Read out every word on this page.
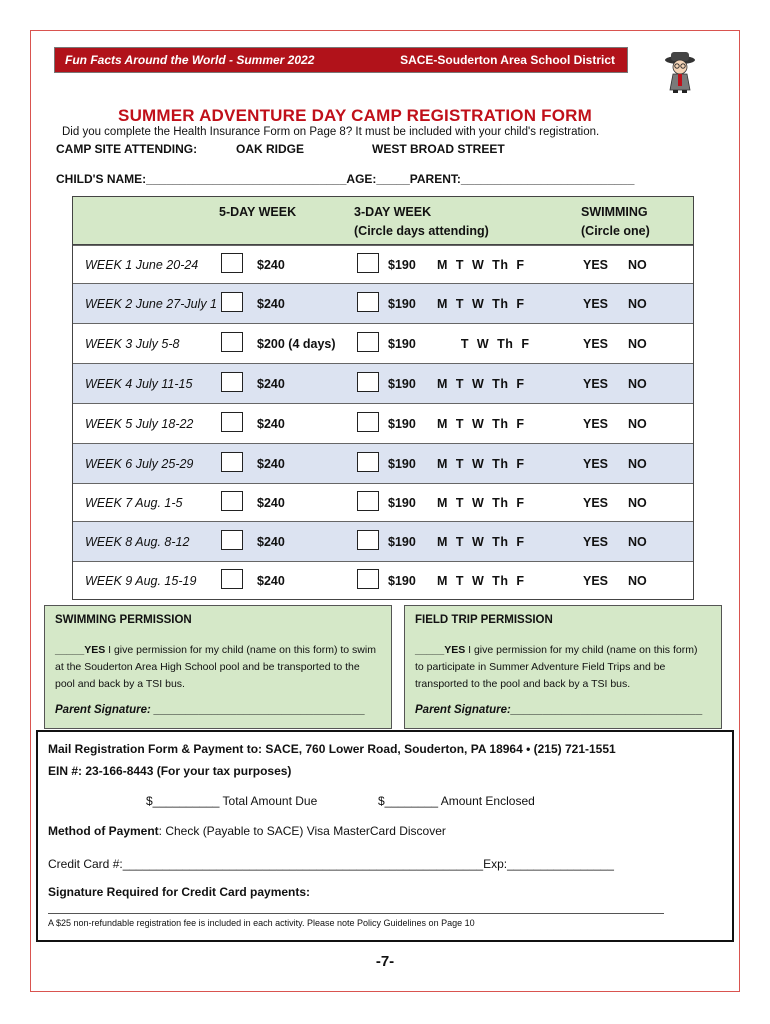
Fun Facts Around the World - Summer 2022	SACE-Souderton Area School District
SUMMER ADVENTURE DAY CAMP REGISTRATION FORM
Did you complete the Health Insurance Form on Page 8? It must be included with your child's registration.
CAMP SITE ATTENDING:	OAK RIDGE	WEST BROAD STREET
CHILD'S NAME:______________________________AGE:_____PARENT:__________________________
5-DAY WEEK	3-DAY WEEK
(Circle days attending)
SWIMMING
(Circle one)
WEEK 1 June 20-24	$240	$190 M  T  W  Th  F	YES NO
WEEK 2 June 27-July 1	$240	$190 M  T  W  Th  F	YES NO
WEEK 3 July 5-8	$200 (4 days)	$190 T  W  Th  F	YES NO
WEEK 4 July 11-15	$240	$190 M  T  W  Th  F	YES NO
WEEK 5 July 18-22	$240	$190 M  T  W  Th  F	YES NO
WEEK 6 July 25-29	$240	$190 M  T  W  Th  F	YES NO
WEEK 7 Aug. 1-5	$240	$190 M  T  W  Th  F	YES NO
WEEK 8 Aug. 8-12	$240	$190 M  T  W  Th  F	YES NO
WEEK 9 Aug. 15-19	$240	$190 M  T  W  Th  F	YES NO
SWIMMING PERMISSION
_____YES I give permission for my child (name on this form) to swim at the Souderton Area High School pool and be transported to the pool and back by a TSI bus.
Parent Signature: _________________________________
FIELD TRIP PERMISSION
_____YES I give permission for my child (name on this form) to participate in Summer Adventure Field Trips and be transported to the pool and back by a TSI bus.
Parent Signature:______________________________
Mail Registration Form & Payment to: SACE, 760 Lower Road, Souderton, PA 18964 • (215) 721-1551
EIN #: 23-166-8443 (For your tax purposes)
$__________ Total Amount Due	$________ Amount Enclosed
Method of Payment: Check (Payable to SACE) Visa MasterCard Discover
Credit Card #:______________________________________________________Exp:________________
Signature Required for Credit Card payments:
A $25 non-refundable registration fee is included in each activity. Please note Policy Guidelines on Page 10
-7-
